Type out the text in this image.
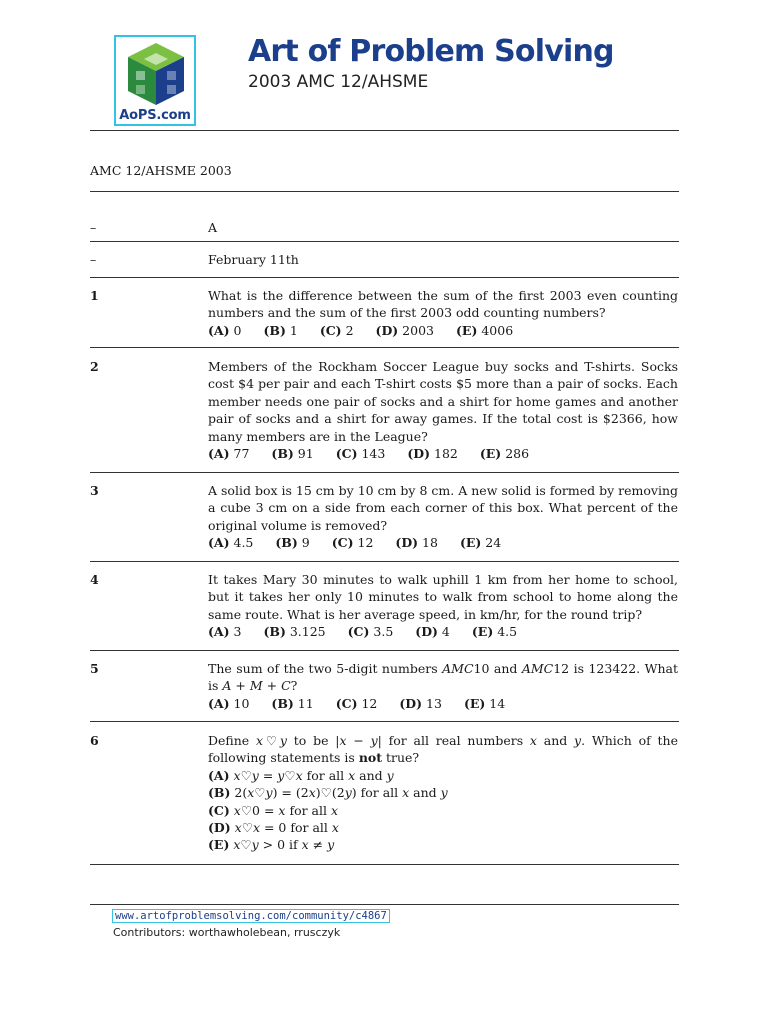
AoPS.com
Art of Problem Solving
2003 AMC 12/AHSME
AMC 12/AHSME 2003
–	A
–	February 11th
1	What is the difference between the sum of the first 2003 even counting numbers and the sum of the first 2003 odd counting numbers?
(A) 0 (B) 1 (C) 2 (D) 2003 (E) 4006
2	Members of the Rockham Soccer League buy socks and T-shirts. Socks cost $4 per pair and each T-shirt costs $5 more than a pair of socks. Each member needs one pair of socks and a shirt for home games and another pair of socks and a shirt for away games. If the total cost is $2366, how many members are in the League?
(A) 77 (B) 91 (C) 143 (D) 182 (E) 286
3	A solid box is 15 cm by 10 cm by 8 cm. A new solid is formed by removing a cube 3 cm on a side from each corner of this box. What percent of the original volume is removed?
(A) 4.5 (B) 9 (C) 12 (D) 18 (E) 24
4	It takes Mary 30 minutes to walk uphill 1 km from her home to school, but it takes her only 10 minutes to walk from school to home along the same route. What is her average speed, in km/hr, for the round trip?
(A) 3 (B) 3.125 (C) 3.5 (D) 4 (E) 4.5
5	The sum of the two 5-digit numbers AMC10 and AMC12 is 123422. What is A + M + C?
(A) 10 (B) 11 (C) 12 (D) 13 (E) 14
6	Define x♡y to be |x − y| for all real numbers x and y. Which of the following statements is not true?
(A) x♡y = y♡x for all x and y
(B) 2(x♡y) = (2x)♡(2y) for all x and y
(C) x♡0 = x for all x
(D) x♡x = 0 for all x
(E) x♡y > 0 if x ≠ y
www.artofproblemsolving.com/community/c4867
Contributors: worthawholebean, rrusczyk
